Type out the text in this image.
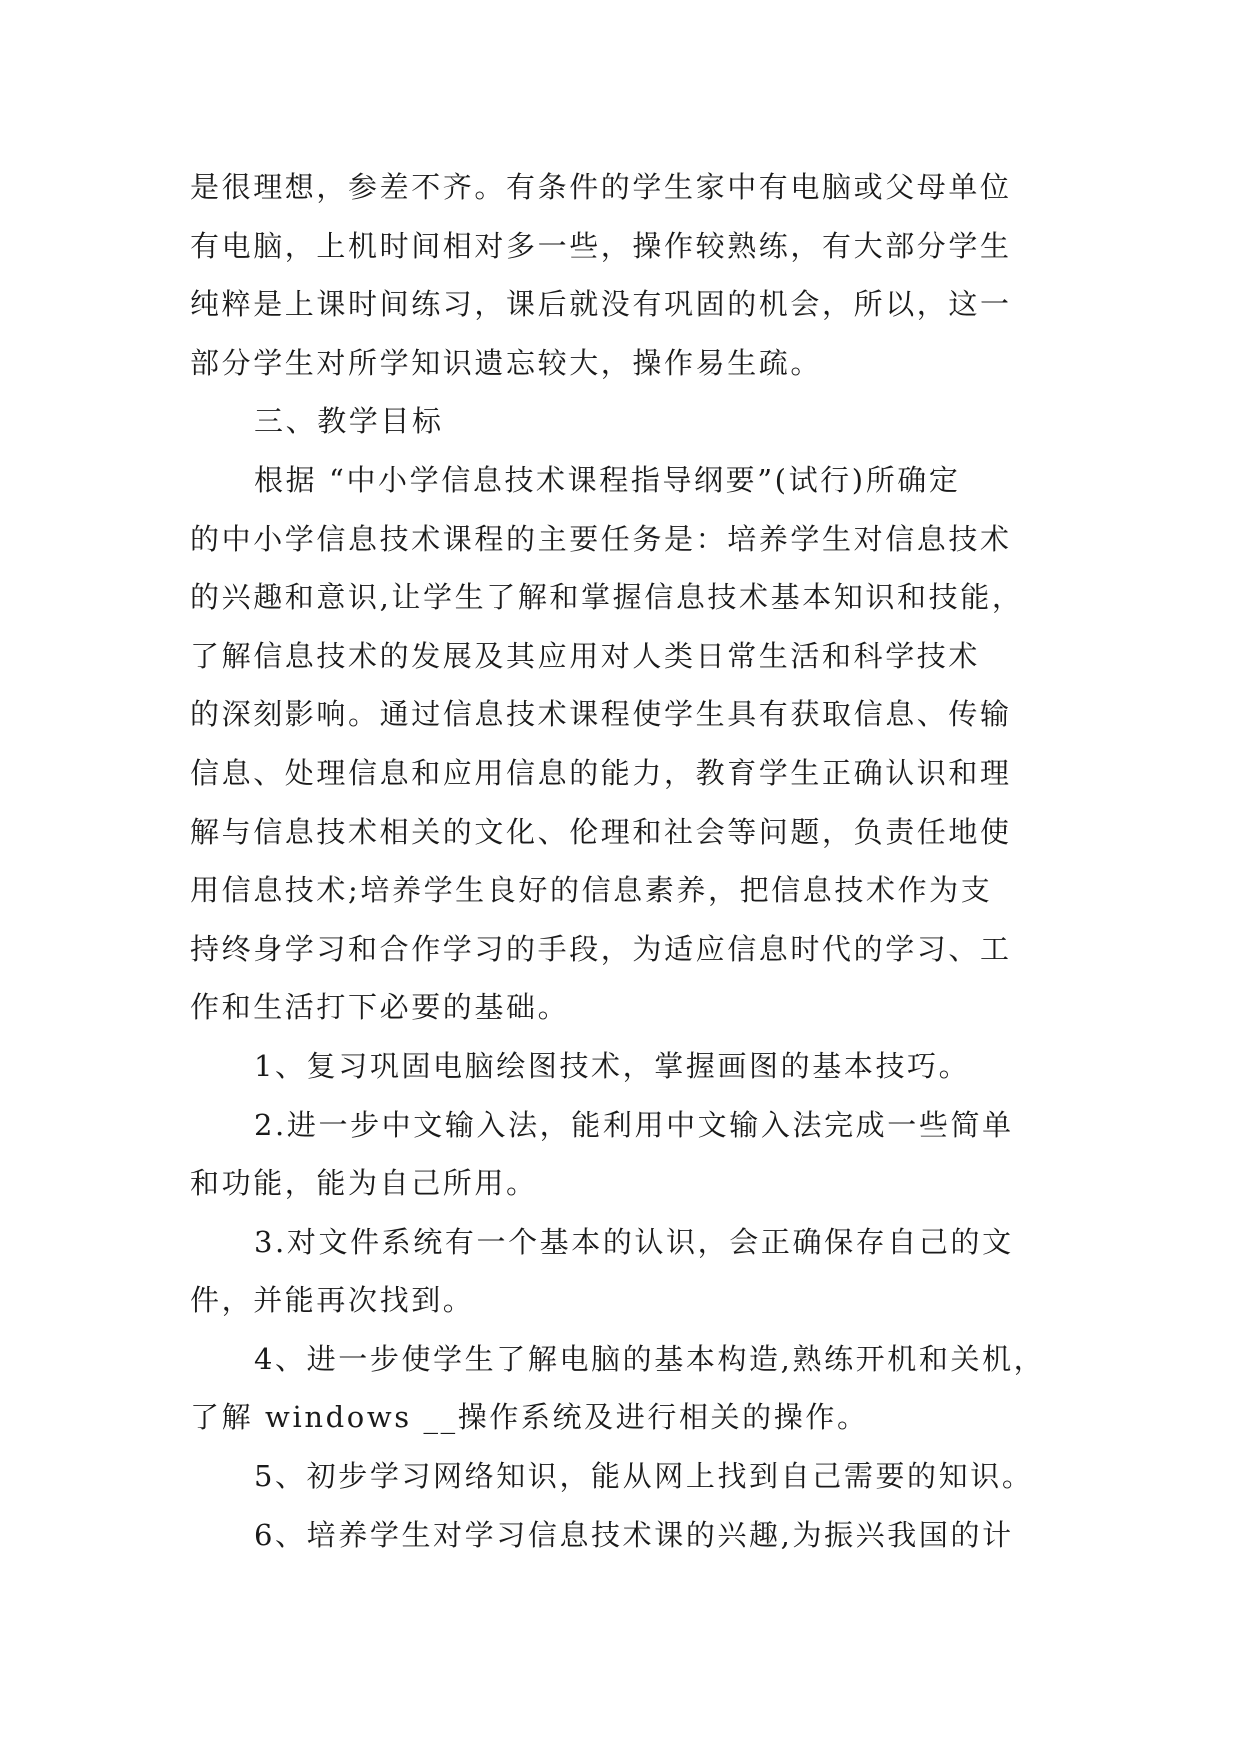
是很理想，参差不齐。有条件的学生家中有电脑或父母单位
有电脑，上机时间相对多一些，操作较熟练，有大部分学生
纯粹是上课时间练习，课后就没有巩固的机会，所以，这一
部分学生对所学知识遗忘较大，操作易生疏。
三、教学目标
根据 “中小学信息技术课程指导纲要”(试行)所确定
的中小学信息技术课程的主要任务是：培养学生对信息技术
的兴趣和意识,让学生了解和掌握信息技术基本知识和技能，
了解信息技术的发展及其应用对人类日常生活和科学技术
的深刻影响。通过信息技术课程使学生具有获取信息、传输
信息、处理信息和应用信息的能力，教育学生正确认识和理
解与信息技术相关的文化、伦理和社会等问题，负责任地使
用信息技术;培养学生良好的信息素养，把信息技术作为支
持终身学习和合作学习的手段，为适应信息时代的学习、工
作和生活打下必要的基础。
1、复习巩固电脑绘图技术，掌握画图的基本技巧。
2.进一步中文输入法，能利用中文输入法完成一些简单
和功能，能为自己所用。
3.对文件系统有一个基本的认识，会正确保存自己的文
件，并能再次找到。
4、进一步使学生了解电脑的基本构造,熟练开机和关机，
了解 windows __操作系统及进行相关的操作。
5、初步学习网络知识，能从网上找到自己需要的知识。
6、培养学生对学习信息技术课的兴趣,为振兴我国的计
